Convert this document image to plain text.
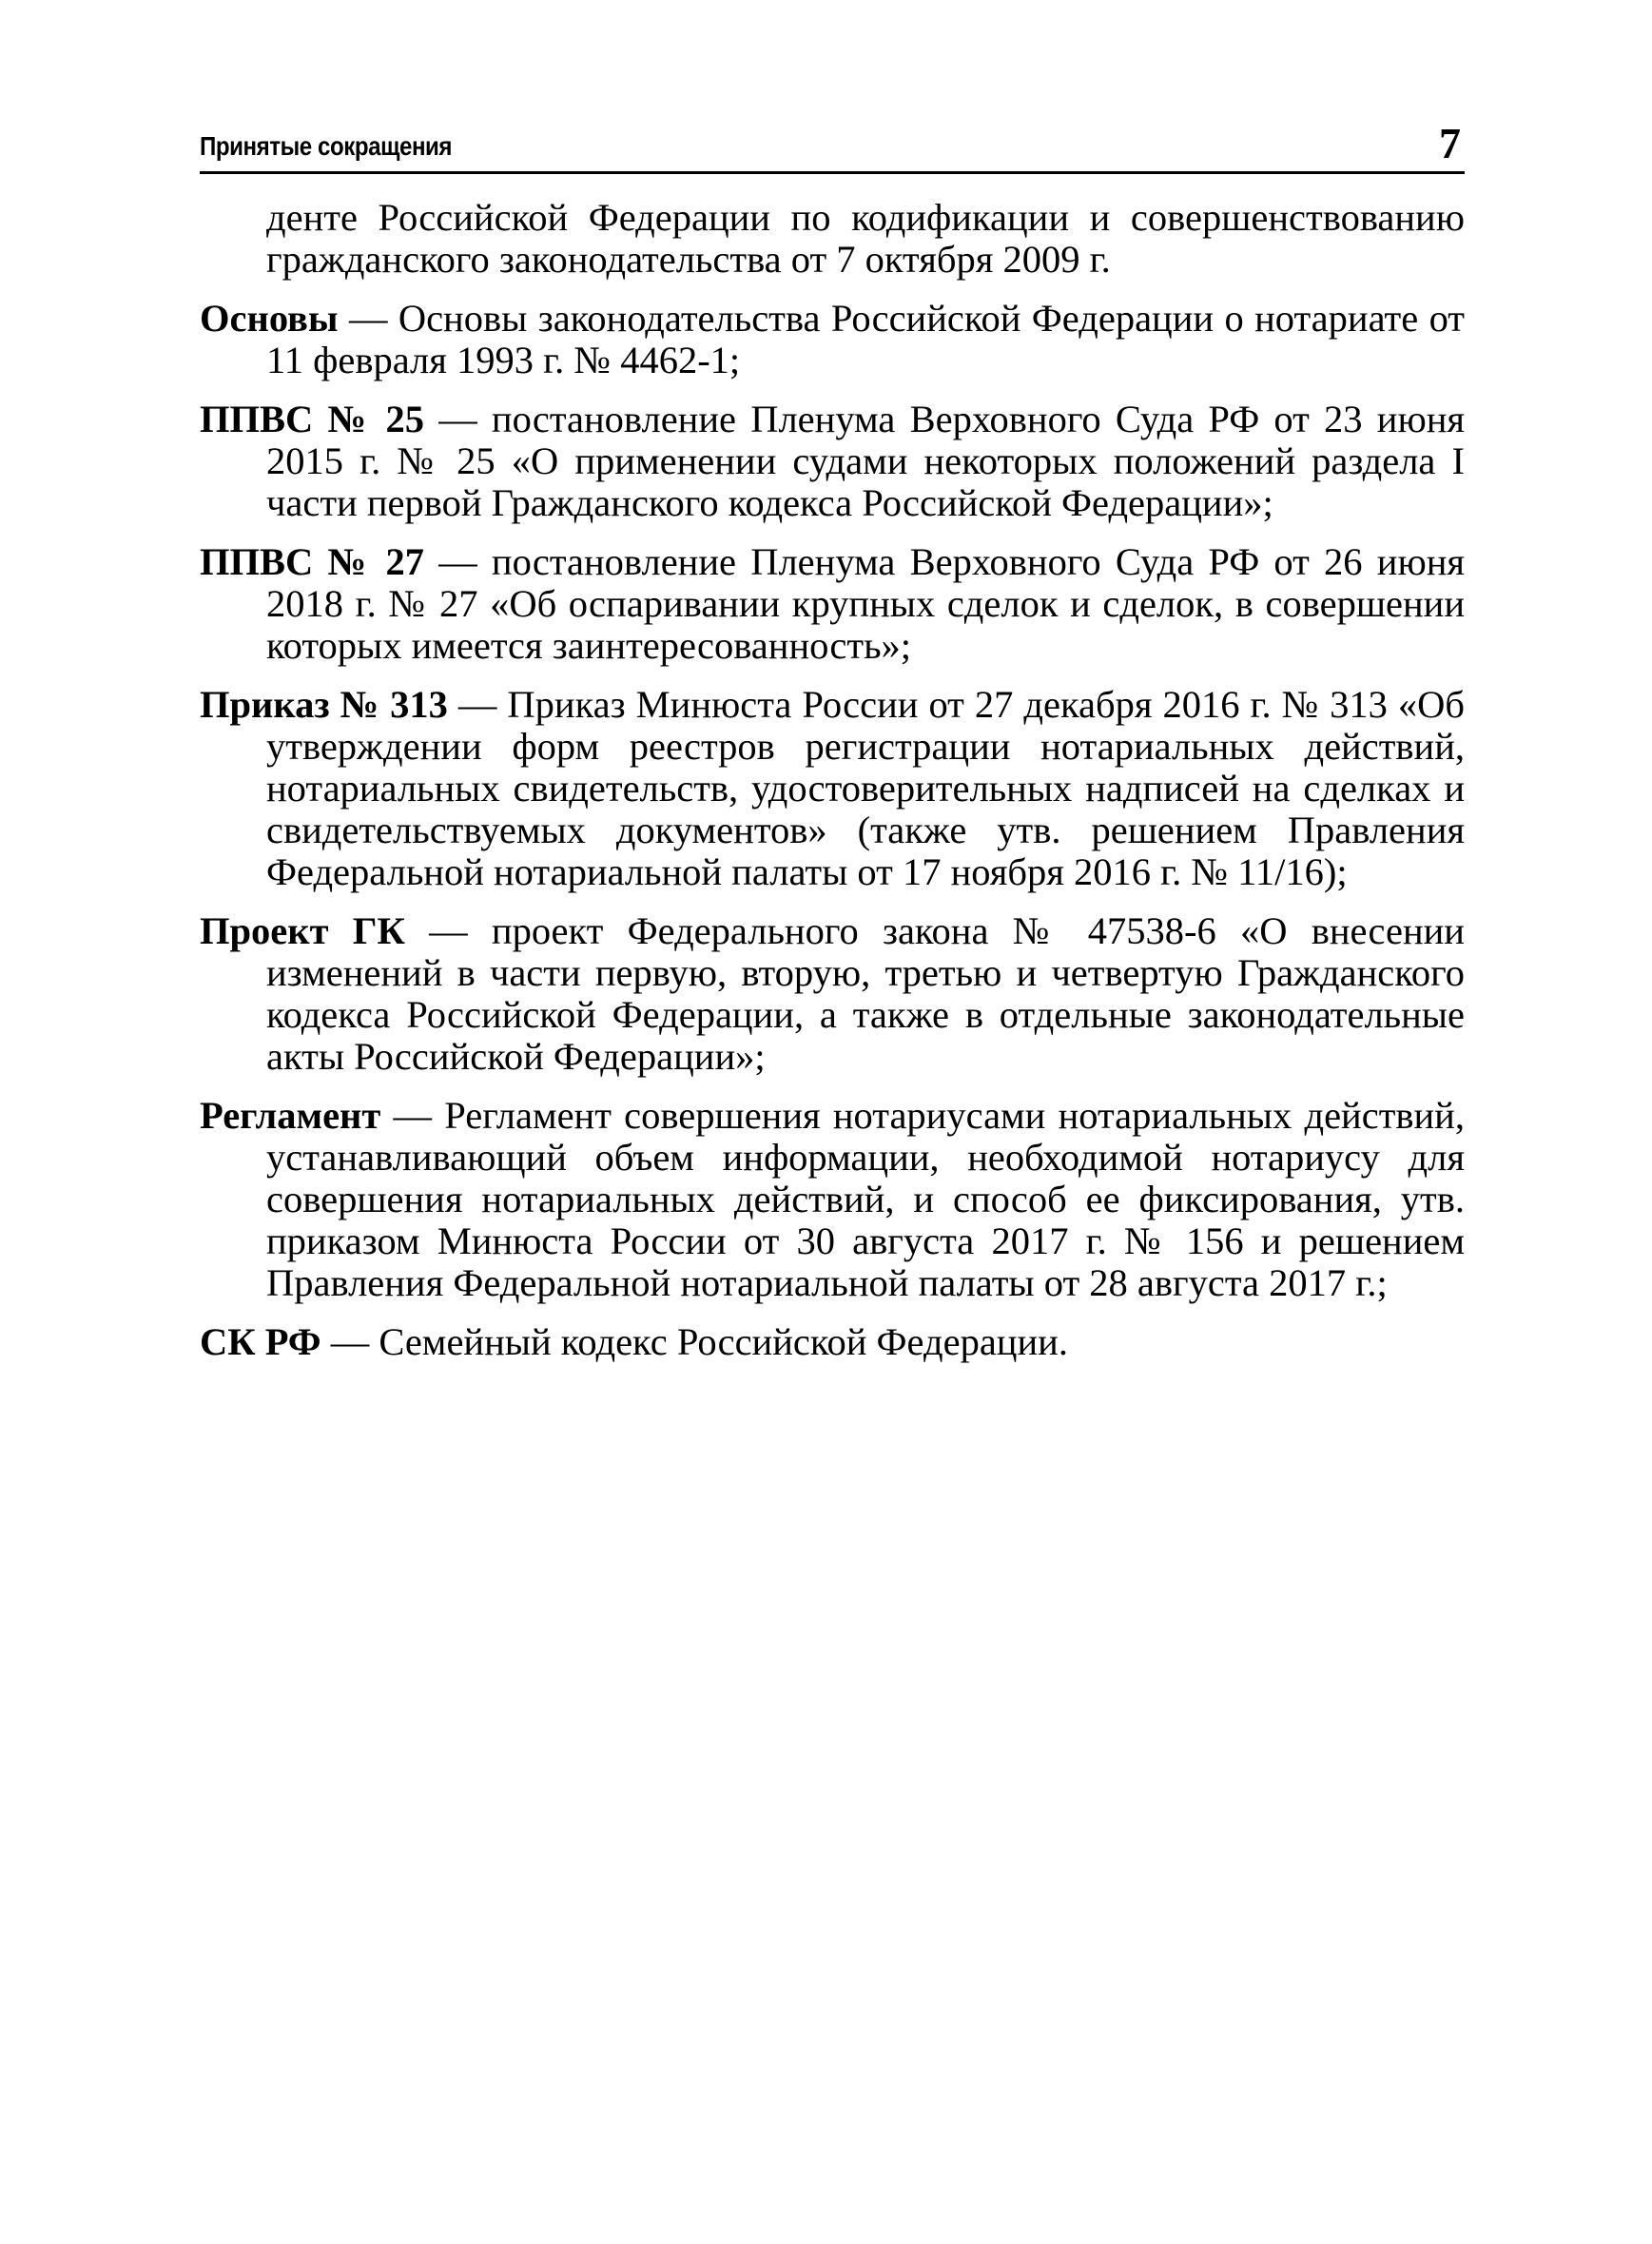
Принятые сокращения	7

денте Российской Федерации по кодификации и совершенствованию гражданского законодательства от 7 октября 2009 г.

Основы — Основы законодательства Российской Федерации о нотариате от 11 февраля 1993 г. № 4462-1;

ППВС № 25 — постановление Пленума Верховного Суда РФ от 23 июня 2015 г. № 25 «О применении судами некоторых положений раздела I части первой Гражданского кодекса Российской Федерации»;

ППВС № 27 — постановление Пленума Верховного Суда РФ от 26 июня 2018 г. № 27 «Об оспаривании крупных сделок и сделок, в совершении которых имеется заинтересованность»;

Приказ № 313 — Приказ Минюста России от 27 декабря 2016 г. № 313 «Об утверждении форм реестров регистрации нотариальных действий, нотариальных свидетельств, удостоверительных надписей на сделках и свидетельствуемых документов» (также утв. решением Правления Федеральной нотариальной палаты от 17 ноября 2016 г. № 11/16);

Проект ГК — проект Федерального закона № 47538-6 «О внесении изменений в части первую, вторую, третью и четвертую Гражданского кодекса Российской Федерации, а также в отдельные законодательные акты Российской Федерации»;

Регламент — Регламент совершения нотариусами нотариальных действий, устанавливающий объем информации, необходимой нотариусу для совершения нотариальных действий, и способ ее фиксирования, утв. приказом Минюста России от 30 августа 2017 г. № 156 и решением Правления Федеральной нотариальной палаты от 28 августа 2017 г.;

СК РФ — Семейный кодекс Российской Федерации.
